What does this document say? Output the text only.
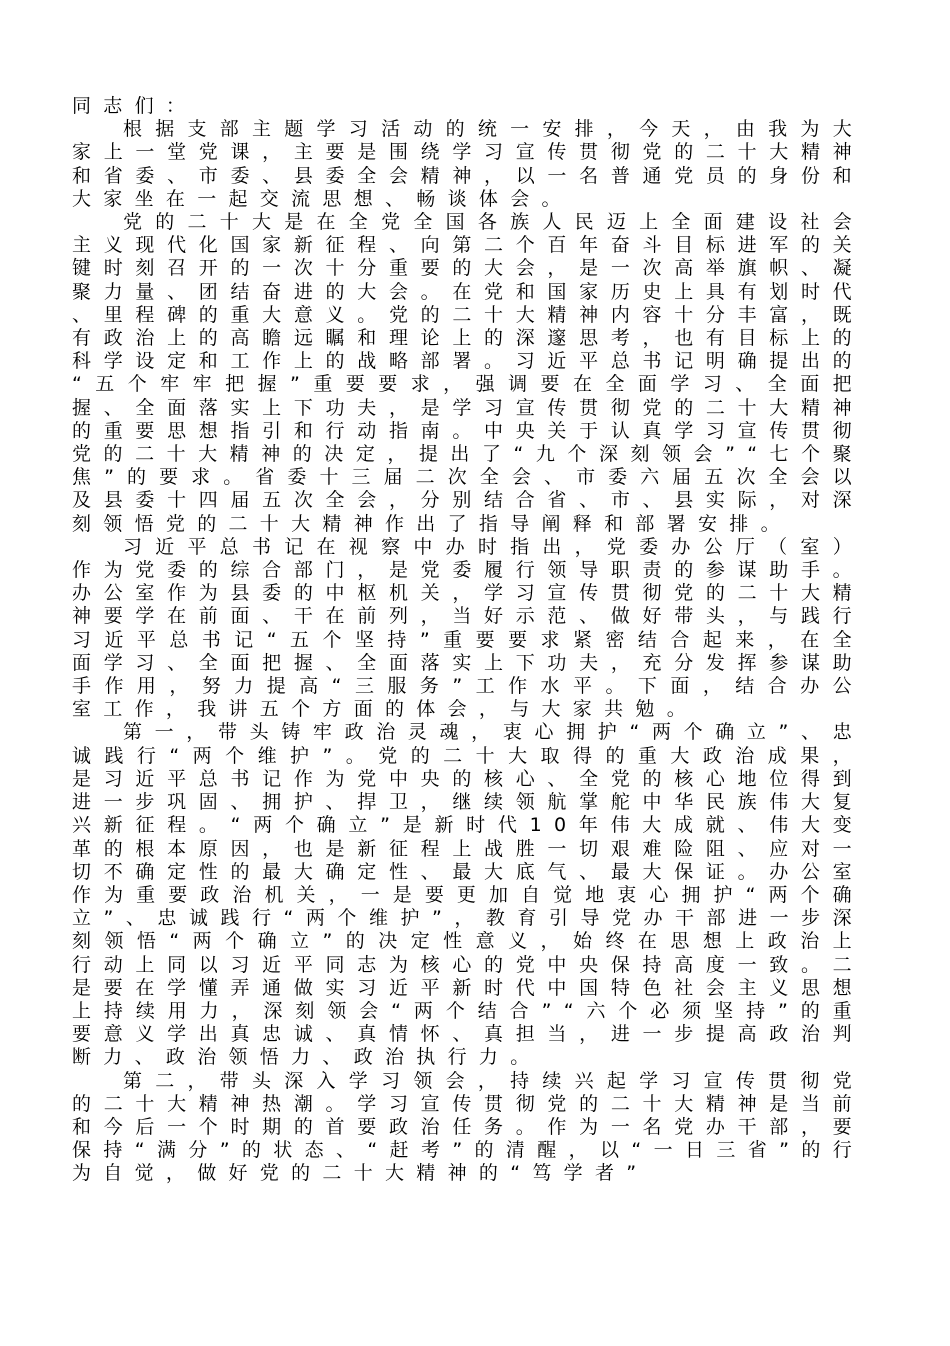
同志们：

根据支部主题学习活动的统一安排，今天，由我为大家上一堂党课，主要是围绕学习宣传贯彻党的二十大精神和省委、市委、县委全会精神，以一名普通党员的身份和大家坐在一起交流思想、畅谈体会。

党的二十大是在全党全国各族人民迈上全面建设社会主义现代化国家新征程、向第二个百年奋斗目标进军的关键时刻召开的一次十分重要的大会，是一次高举旗帜、凝聚力量、团结奋进的大会。在党和国家历史上具有划时代、里程碑的重大意义。党的二十大精神内容十分丰富，既有政治上的高瞻远瞩和理论上的深邃思考，也有目标上的科学设定和工作上的战略部署。习近平总书记明确提出的“五个牢牢把握”重要要求，强调要在全面学习、全面把握、全面落实上下功夫，是学习宣传贯彻党的二十大精神的重要思想指引和行动指南。中央关于认真学习宣传贯彻党的二十大精神的决定，提出了“九个深刻领会”“七个聚焦”的要求。省委十三届二次全会、市委六届五次全会以及县委十四届五次全会，分别结合省、市、县实际，对深刻领悟党的二十大精神作出了指导阐释和部署安排。

习近平总书记在视察中办时指出，党委办公厅（室）作为党委的综合部门，是党委履行领导职责的参谋助手。办公室作为县委的中枢机关，学习宣传贯彻党的二十大精神要学在前面、干在前列，当好示范、做好带头，与践行习近平总书记“五个坚持”重要要求紧密结合起来，在全面学习、全面把握、全面落实上下功夫，充分发挥参谋助手作用，努力提高“三服务”工作水平。下面，结合办公室工作，我讲五个方面的体会，与大家共勉。

第一，带头铸牢政治灵魂，衷心拥护“两个确立”、忠诚践行“两个维护”。党的二十大取得的重大政治成果，是习近平总书记作为党中央的核心、全党的核心地位得到进一步巩固、拥护、捍卫，继续领航掌舵中华民族伟大复兴新征程。“两个确立”是新时代10年伟大成就、伟大变革的根本原因，也是新征程上战胜一切艰难险阻、应对一切不确定性的最大确定性、最大底气、最大保证。办公室作为重要政治机关，一是要更加自觉地衷心拥护“两个确立”、忠诚践行“两个维护”，教育引导党办干部进一步深刻领悟“两个确立”的决定性意义，始终在思想上政治上行动上同以习近平同志为核心的党中央保持高度一致。二是要在学懂弄通做实习近平新时代中国特色社会主义思想上持续用力，深刻领会“两个结合”“六个必须坚持”的重要意义学出真忠诚、真情怀、真担当，进一步提高政治判断力、政治领悟力、政治执行力。

第二，带头深入学习领会，持续兴起学习宣传贯彻党的二十大精神热潮。学习宣传贯彻党的二十大精神是当前和今后一个时期的首要政治任务。作为一名党办干部，要保持“满分”的状态、“赶考”的清醒，以“一日三省”的行为自觉，做好党的二十大精神的“笃学者”
